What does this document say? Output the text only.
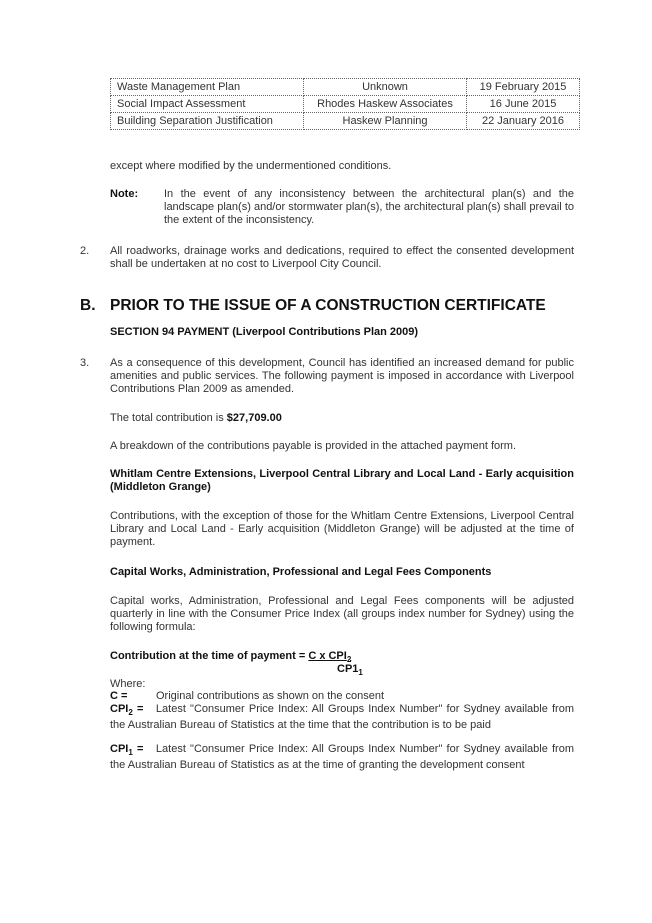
Waste Management Plan	Unknown	19 February 2015
Social Impact Assessment	Rhodes Haskew Associates	16 June 2015
Building Separation Justification	Haskew Planning	22 January 2016
except where modified by the undermentioned conditions.
Note: In the event of any inconsistency between the architectural plan(s) and the landscape plan(s) and/or stormwater plan(s), the architectural plan(s) shall prevail to the extent of the inconsistency.
2. All roadworks, drainage works and dedications, required to effect the consented development shall be undertaken at no cost to Liverpool City Council.
B. PRIOR TO THE ISSUE OF A CONSTRUCTION CERTIFICATE
SECTION 94 PAYMENT (Liverpool Contributions Plan 2009)
3. As a consequence of this development, Council has identified an increased demand for public amenities and public services. The following payment is imposed in accordance with Liverpool Contributions Plan 2009 as amended.
The total contribution is $27,709.00
A breakdown of the contributions payable is provided in the attached payment form.
Whitlam Centre Extensions, Liverpool Central Library and Local Land - Early acquisition (Middleton Grange)
Contributions, with the exception of those for the Whitlam Centre Extensions, Liverpool Central Library and Local Land - Early acquisition (Middleton Grange) will be adjusted at the time of payment.
Capital Works, Administration, Professional and Legal Fees Components
Capital works, Administration, Professional and Legal Fees components will be adjusted quarterly in line with the Consumer Price Index (all groups index number for Sydney) using the following formula:
Contribution at the time of payment = C x $CPI_2$
$CP1_1$
Where:
C =	Original contributions as shown on the consent
$CPI_2$ = Latest "Consumer Price Index: All Groups Index Number" for Sydney available from the Australian Bureau of Statistics at the time that the contribution is to be paid
$CPI_1$ = Latest "Consumer Price Index: All Groups Index Number" for Sydney available from the Australian Bureau of Statistics as at the time of granting the development consent
